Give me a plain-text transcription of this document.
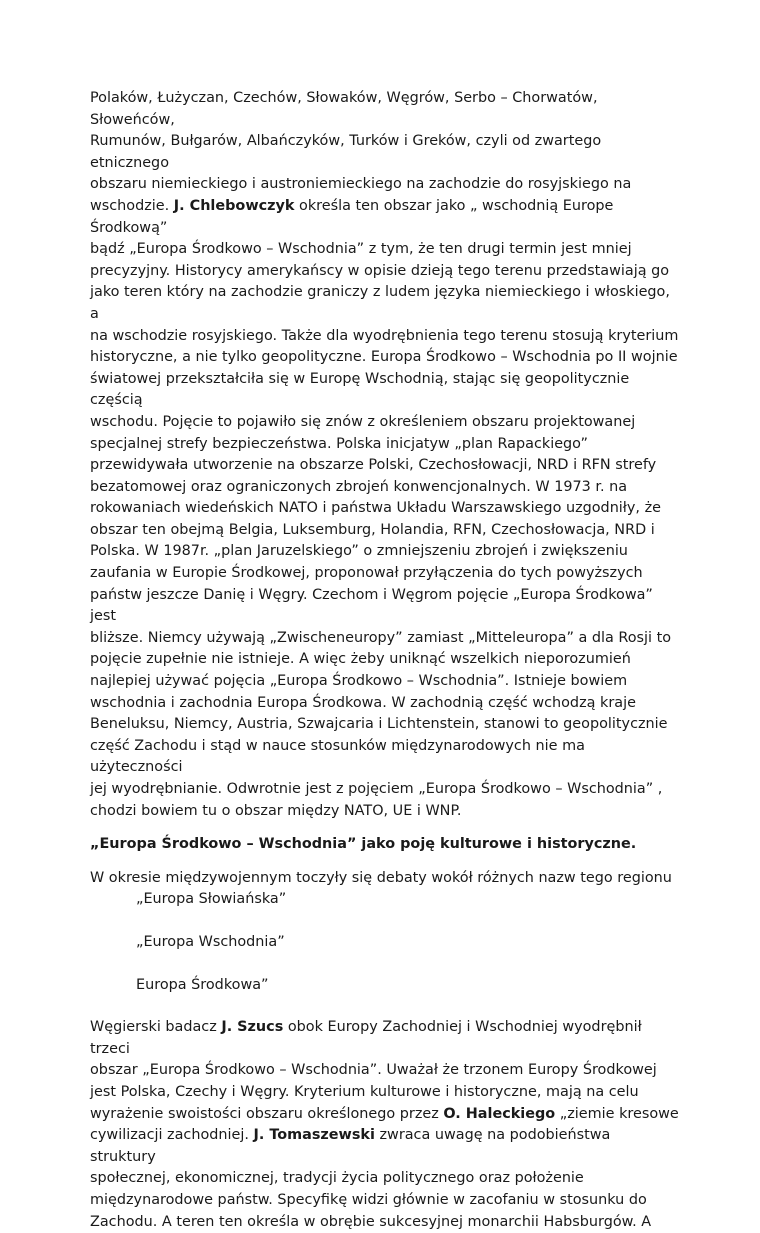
Polaków, Łużyczan, Czechów, Słowaków, Węgrów, Serbo – Chorwatów, Słoweńców,
Rumunów, Bułgarów, Albańczyków, Turków i Greków, czyli od zwartego etnicznego
obszaru niemieckiego i austroniemieckiego na zachodzie do rosyjskiego na
wschodzie. J. Chlebowczyk określa ten obszar jako „ wschodnią Europe Środkową”
bądź „Europa Środkowo – Wschodnia” z tym, że ten drugi termin jest mniej
precyzyjny. Historycy amerykańscy w opisie dzieją tego terenu przedstawiają go
jako teren który na zachodzie graniczy z ludem języka niemieckiego i włoskiego, a
na wschodzie rosyjskiego. Także dla wyodrębnienia tego terenu stosują kryterium
historyczne, a nie tylko geopolityczne. Europa Środkowo – Wschodnia po II wojnie
światowej przekształciła się w Europę Wschodnią, stając się geopolitycznie częścią
wschodu. Pojęcie to pojawiło się znów z określeniem obszaru projektowanej
specjalnej strefy bezpieczeństwa. Polska inicjatyw „plan Rapackiego”
przewidywała utworzenie na obszarze Polski, Czechosłowacji, NRD i RFN strefy
bezatomowej oraz ograniczonych zbrojeń konwencjonalnych. W 1973 r. na
rokowaniach wiedeńskich NATO i państwa Układu Warszawskiego uzgodniły, że
obszar ten obejmą Belgia, Luksemburg, Holandia, RFN, Czechosłowacja, NRD i
Polska. W 1987r. „plan Jaruzelskiego” o zmniejszeniu zbrojeń i zwiększeniu
zaufania w Europie Środkowej, proponował przyłączenia do tych powyższych
państw jeszcze Danię i Węgry. Czechom i Węgrom pojęcie „Europa Środkowa” jest
bliższe. Niemcy używają „Zwischeneuropy” zamiast „Mitteleuropa” a dla Rosji to
pojęcie zupełnie nie istnieje. A więc żeby uniknąć wszelkich nieporozumień
najlepiej używać pojęcia „Europa Środkowo – Wschodnia”. Istnieje bowiem
wschodnia i zachodnia Europa Środkowa. W zachodnią część wchodzą kraje
Beneluksu, Niemcy, Austria, Szwajcaria i Lichtenstein, stanowi to geopolitycznie
część Zachodu i stąd w nauce stosunków międzynarodowych nie ma użyteczności
jej wyodrębnianie. Odwrotnie jest z pojęciem „Europa Środkowo – Wschodnia” ,
chodzi bowiem tu o obszar między NATO, UE i WNP.

„Europa Środkowo – Wschodnia” jako poję kulturowe i historyczne.

W okresie międzywojennym toczyły się debaty wokół różnych nazw tego regionu

„Europa Słowiańska”

„Europa Wschodnia”

Europa Środkowa”

Węgierski badacz J. Szucs obok Europy Zachodniej i Wschodniej wyodrębnił trzeci
obszar „Europa Środkowo – Wschodnia”. Uważał że trzonem Europy Środkowej
jest Polska, Czechy i Węgry. Kryterium kulturowe i historyczne, mają na celu
wyrażenie swoistości obszaru określonego przez O. Haleckiego „ziemie kresowe
cywilizacji zachodniej. J. Tomaszewski zwraca uwagę na podobieństwa struktury
społecznej, ekonomicznej, tradycji życia politycznego oraz położenie
międzynarodowe państw. Specyfikę widzi głównie w zacofaniu w stosunku do
Zachodu. A teren ten określa w obrębie sukcesyjnej monarchii Habsburgów. A
